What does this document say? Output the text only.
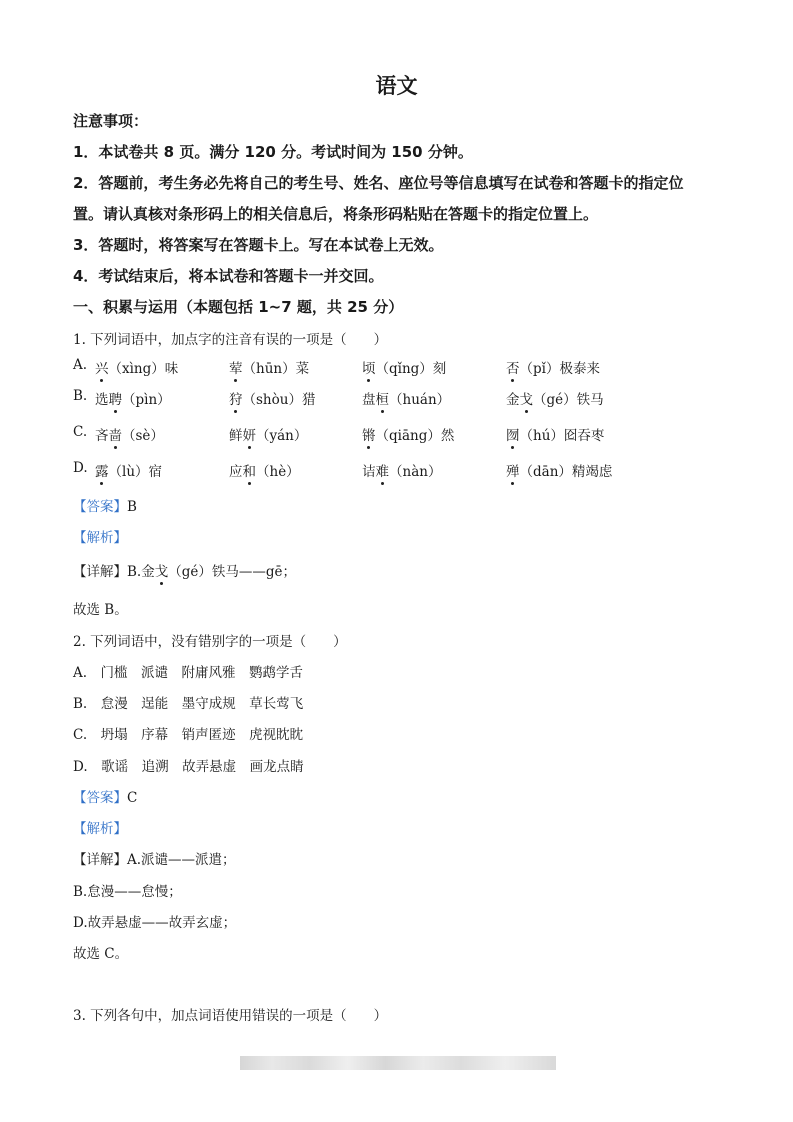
语文
注意事项：
1．本试卷共 8 页。满分 120 分。考试时间为 150 分钟。
2．答题前，考生务必先将自己的考生号、姓名、座位号等信息填写在试卷和答题卡的指定位
置。请认真核对条形码上的相关信息后，将条形码粘贴在答题卡的指定位置上。
3．答题时，将答案写在答题卡上。写在本试卷上无效。
4．考试结束后，将本试卷和答题卡一并交回。
一、积累与运用（本题包括 1~7 题，共 25 分）
1. 下列词语中，加点字的注音有误的一项是（　　）
A. 兴（xìng）味	荤（hūn）菜	顷（qǐng）刻	否（pǐ）极泰来
B. 选聘（pìn）	狩（shòu）猎	盘桓（huán）	金戈（gé）铁马
C. 吝啬（sè）	鲜妍（yán）	锵（qiāng）然	囫（hú）囵吞枣
D. 露（lù）宿	应和（hè）	诘难（nàn）	殚（dān）精竭虑
【答案】B
【解析】
【详解】B.金戈（gé）铁马——gē；
故选 B。
2. 下列词语中，没有错别字的一项是（　　）
A.　门槛　派谴　附庸风雅　鹦鹉学舌
B.　怠漫　逞能　墨守成规　草长莺飞
C.　坍塌　序幕　销声匿迹　虎视眈眈
D.　歌谣　追溯　故弄悬虚　画龙点睛
【答案】C
【解析】
【详解】A.派谴——派遣；
B.怠漫——怠慢；
D.故弄悬虚——故弄玄虚；
故选 C。
3. 下列各句中，加点词语使用错误的一项是（　　）
